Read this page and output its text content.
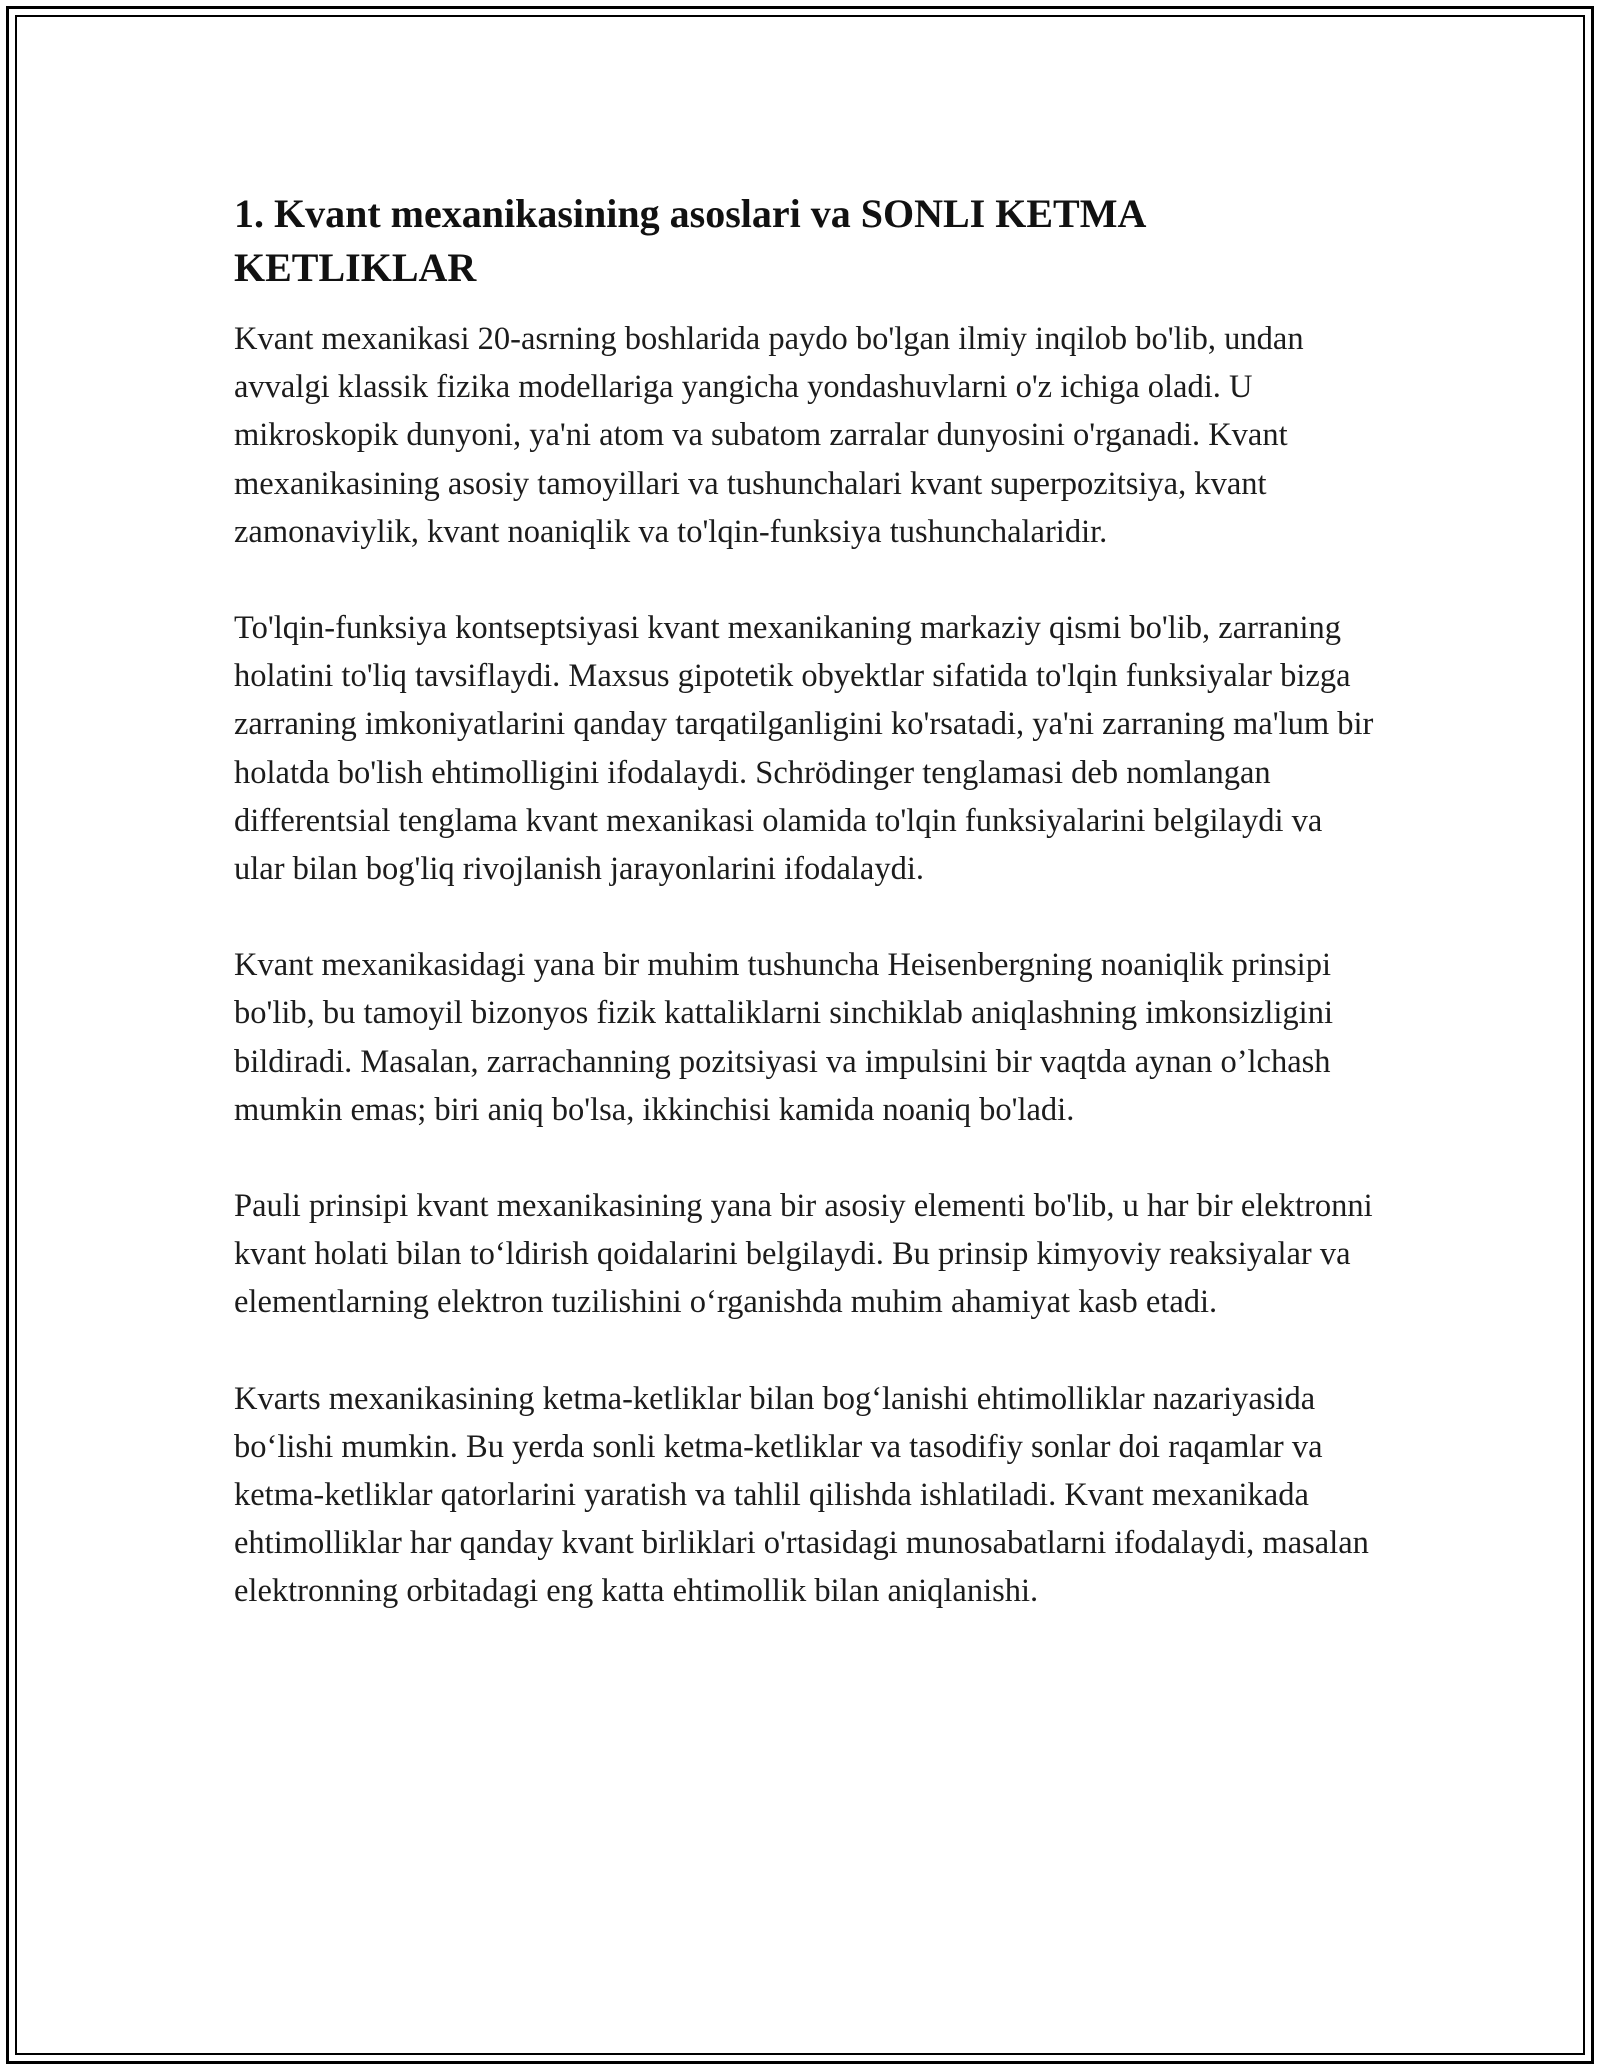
1. Kvant mexanikasining asoslari va SONLI KETMA KETLIKLAR

Kvant mexanikasi 20-asrning boshlarida paydo bo'lgan ilmiy inqilob bo'lib, undan avvalgi klassik fizika modellariga yangicha yondashuvlarni o'z ichiga oladi. U mikroskopik dunyoni, ya'ni atom va subatom zarralar dunyosini o'rganadi. Kvant mexanikasining asosiy tamoyillari va tushunchalari kvant superpozitsiya, kvant zamonaviylik, kvant noaniqlik va to'lqin-funksiya tushunchalaridir.

To'lqin-funksiya kontseptsiyasi kvant mexanikaning markaziy qismi bo'lib, zarraning holatini to'liq tavsiflaydi. Maxsus gipotetik obyektlar sifatida to'lqin funksiyalar bizga zarraning imkoniyatlarini qanday tarqatilganligini ko'rsatadi, ya'ni zarraning ma'lum bir holatda bo'lish ehtimolligini ifodalaydi. Schrödinger tenglamasi deb nomlangan differentsial tenglama kvant mexanikasi olamida to'lqin funksiyalarini belgilaydi va ular bilan bog'liq rivojlanish jarayonlarini ifodalaydi.

Kvant mexanikasidagi yana bir muhim tushuncha Heisenbergning noaniqlik prinsipi bo'lib, bu tamoyil bizonyos fizik kattaliklarni sinchiklab aniqlashning imkonsizligini bildiradi. Masalan, zarrachanning pozitsiyasi va impulsini bir vaqtda aynan o’lchash mumkin emas; biri aniq bo'lsa, ikkinchisi kamida noaniq bo'ladi.

Pauli prinsipi kvant mexanikasining yana bir asosiy elementi bo'lib, u har bir elektronni kvant holati bilan to‘ldirish qoidalarini belgilaydi. Bu prinsip kimyoviy reaksiyalar va elementlarning elektron tuzilishini o‘rganishda muhim ahamiyat kasb etadi.

Kvarts mexanikasining ketma-ketliklar bilan bog‘lanishi ehtimolliklar nazariyasida bo‘lishi mumkin. Bu yerda sonli ketma-ketliklar va tasodifiy sonlar doi raqamlar va ketma-ketliklar qatorlarini yaratish va tahlil qilishda ishlatiladi. Kvant mexanikada ehtimolliklar har qanday kvant birliklari o'rtasidagi munosabatlarni ifodalaydi, masalan elektronning orbitadagi eng katta ehtimollik bilan aniqlanishi.
